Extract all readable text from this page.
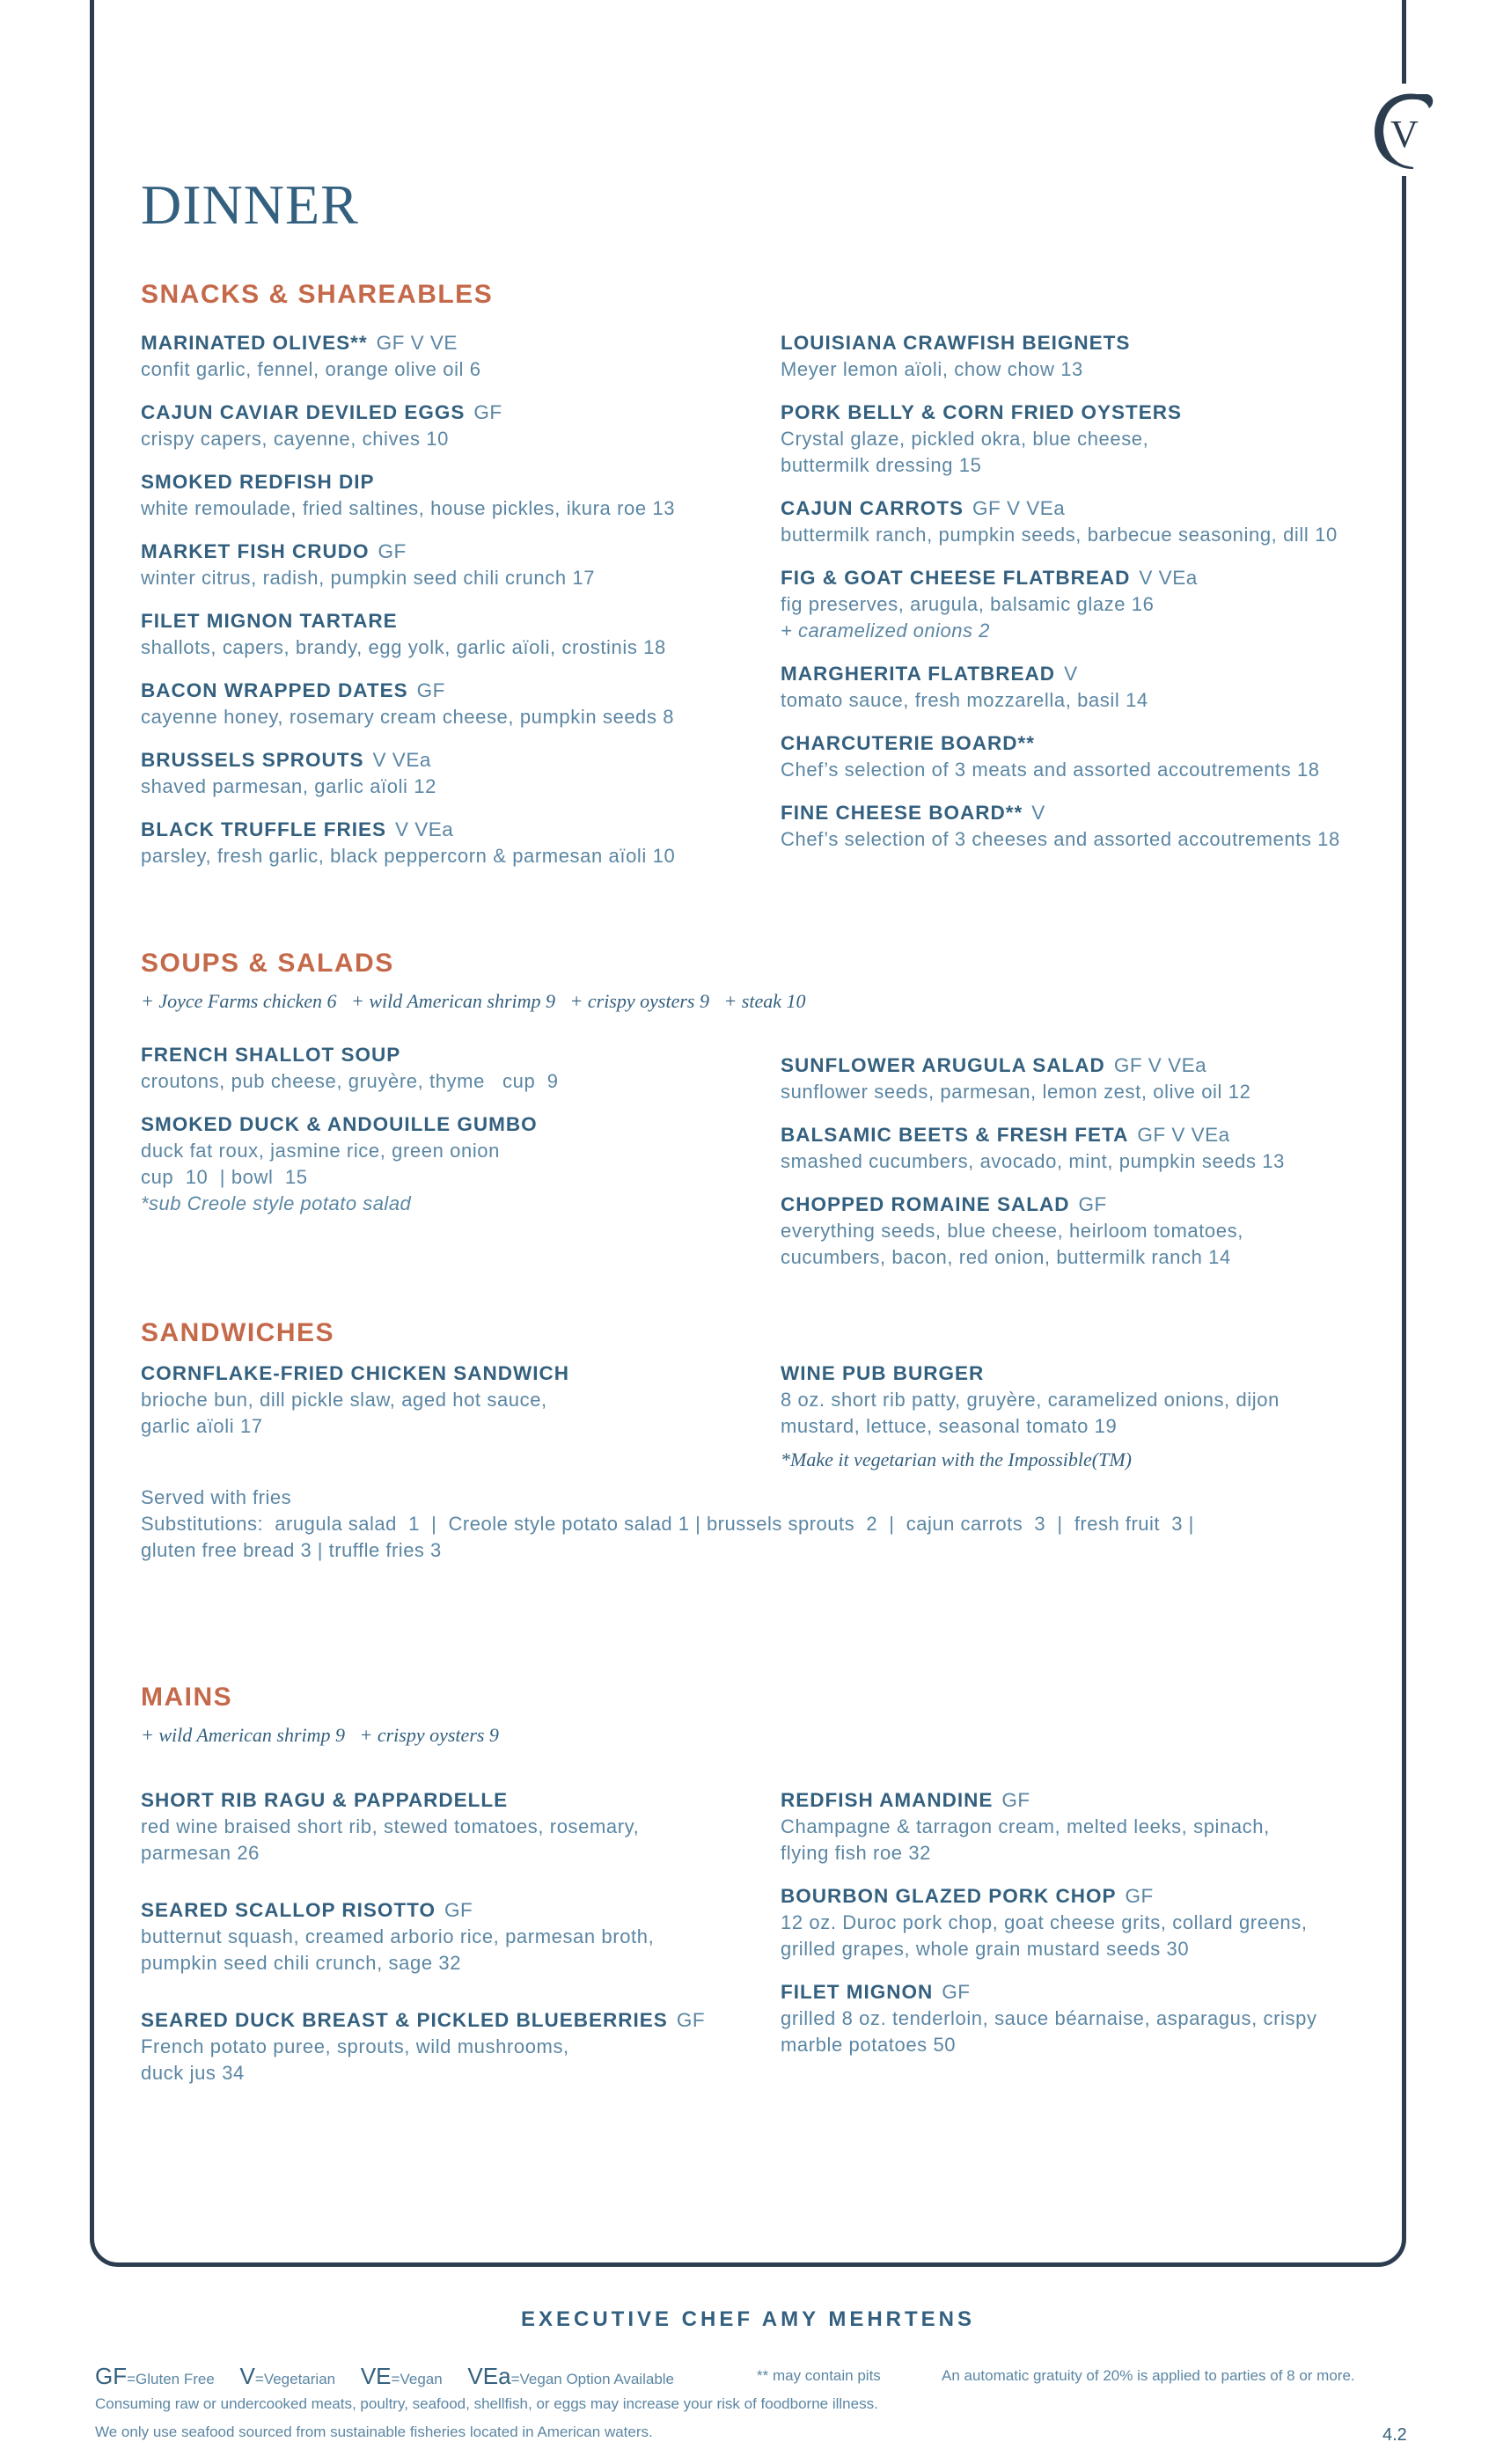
V
DINNER
SNACKS & SHAREABLES
MARINATED OLIVES** GF V VE
confit garlic, fennel, orange olive oil 6
CAJUN CAVIAR DEVILED EGGS GF
crispy capers, cayenne, chives 10
SMOKED REDFISH DIP
white remoulade, fried saltines, house pickles, ikura roe 13
MARKET FISH CRUDO GF
winter citrus, radish, pumpkin seed chili crunch 17
FILET MIGNON TARTARE
shallots, capers, brandy, egg yolk, garlic aïoli, crostinis 18
BACON WRAPPED DATES GF
cayenne honey, rosemary cream cheese, pumpkin seeds 8
BRUSSELS SPROUTS V VEa
shaved parmesan, garlic aïoli 12
BLACK TRUFFLE FRIES V VEa
parsley, fresh garlic, black peppercorn & parmesan aïoli 10
LOUISIANA CRAWFISH BEIGNETS
Meyer lemon aïoli, chow chow 13
PORK BELLY & CORN FRIED OYSTERS
Crystal glaze, pickled okra, blue cheese,
buttermilk dressing 15
CAJUN CARROTS GF V VEa
buttermilk ranch, pumpkin seeds, barbecue seasoning, dill 10
FIG & GOAT CHEESE FLATBREAD V VEa
fig preserves, arugula, balsamic glaze 16
+ caramelized onions 2
MARGHERITA FLATBREAD V
tomato sauce, fresh mozzarella, basil 14
CHARCUTERIE BOARD**
Chef’s selection of 3 meats and assorted accoutrements 18
FINE CHEESE BOARD** V
Chef’s selection of 3 cheeses and assorted accoutrements 18
SOUPS & SALADS
+ Joyce Farms chicken 6   + wild American shrimp 9   + crispy oysters 9   + steak 10
FRENCH SHALLOT SOUP
croutons, pub cheese, gruyère, thyme   cup  9
SMOKED DUCK & ANDOUILLE GUMBO
duck fat roux, jasmine rice, green onion
cup  10  | bowl  15
*sub Creole style potato salad
SUNFLOWER ARUGULA SALAD GF V VEa
sunflower seeds, parmesan, lemon zest, olive oil 12
BALSAMIC BEETS & FRESH FETA GF V VEa
smashed cucumbers, avocado, mint, pumpkin seeds 13
CHOPPED ROMAINE SALAD GF
everything seeds, blue cheese, heirloom tomatoes,
cucumbers, bacon, red onion, buttermilk ranch 14
SANDWICHES
CORNFLAKE-FRIED CHICKEN SANDWICH
brioche bun, dill pickle slaw, aged hot sauce,
garlic aïoli 17
WINE PUB BURGER
8 oz. short rib patty, gruyère, caramelized onions, dijon
mustard, lettuce, seasonal tomato 19
*Make it vegetarian with the Impossible(TM)
Served with fries
Substitutions:  arugula salad  1  |  Creole style potato salad 1 | brussels sprouts  2  |  cajun carrots  3  |  fresh fruit  3 |
gluten free bread 3 | truffle fries 3
MAINS
+ wild American shrimp 9   + crispy oysters 9
SHORT RIB RAGU & PAPPARDELLE
red wine braised short rib, stewed tomatoes, rosemary,
parmesan 26
SEARED SCALLOP RISOTTO GF
butternut squash, creamed arborio rice, parmesan broth,
pumpkin seed chili crunch, sage 32
SEARED DUCK BREAST & PICKLED BLUEBERRIES GF
French potato puree, sprouts, wild mushrooms,
duck jus 34
REDFISH AMANDINE GF
Champagne & tarragon cream, melted leeks, spinach,
flying fish roe 32
BOURBON GLAZED PORK CHOP GF
12 oz. Duroc pork chop, goat cheese grits, collard greens,
grilled grapes, whole grain mustard seeds 30
FILET MIGNON GF
grilled 8 oz. tenderloin, sauce béarnaise, asparagus, crispy
marble potatoes 50
EXECUTIVE CHEF AMY MEHRTENS
GF=Gluten Free V=Vegetarian VE=Vegan VEa=Vegan Option Available	** may contain pits	An automatic gratuity of 20% is applied to parties of 8 or more.
Consuming raw or undercooked meats, poultry, seafood, shellfish, or eggs may increase your risk of foodborne illness.
We only use seafood sourced from sustainable fisheries located in American waters.	4.2
